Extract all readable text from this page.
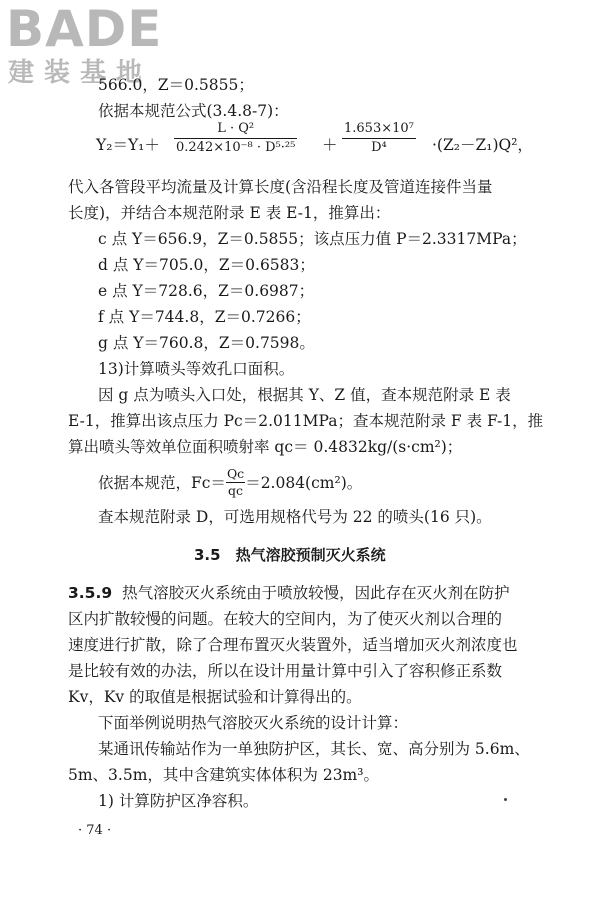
BADE
建装基地
566.0，Z＝0.5855；
依据本规范公式(3.4.8-7)：
$Y_2=Y_1+ \frac{\text{L · Q²}}{\text{0.242×10⁻⁸ · D⁵·²⁵}} + \frac{\text{1.653×10⁷}}{\text{D⁴}} \cdot(Z_2-Z_1)Q^2$，
代入各管段平均流量及计算长度(含沿程长度及管道连接件当量
长度)，并结合本规范附录 E 表 E-1，推算出：
c 点 Y＝656.9，Z＝0.5855；该点压力值 P＝2.3317MPa；
d 点 Y＝705.0，Z＝0.6583；
e 点 Y＝728.6，Z＝0.6987；
f 点 Y＝744.8，Z＝0.7266；
g 点 Y＝760.8，Z＝0.7598。
13)计算喷头等效孔口面积。
因 g 点为喷头入口处，根据其 Y、Z 值，查本规范附录 E 表
E-1，推算出该点压力 Pc＝2.011MPa；查本规范附录 F 表 F-1，推
算出喷头等效单位面积喷射率 qc＝ 0.4832kg/(s·cm²)；
依据本规范，$Fc= \frac{Qc}{qc} =2.084(cm^2)$。
查本规范附录 D，可选用规格代号为 22 的喷头(16 只)。
3.5　热气溶胶预制灭火系统
3.5.9 热气溶胶灭火系统由于喷放较慢，因此存在灭火剂在防护
区内扩散较慢的问题。在较大的空间内，为了使灭火剂以合理的
速度进行扩散，除了合理布置灭火装置外，适当增加灭火剂浓度也
是比较有效的办法，所以在设计用量计算中引入了容积修正系数
Kv，Kv 的取值是根据试验和计算得出的。
下面举例说明热气溶胶灭火系统的设计计算：
某通讯传输站作为一单独防护区，其长、宽、高分别为 5.6m、
5m、3.5m，其中含建筑实体体积为 23m³。
1) 计算防护区净容积。
· 74 ·
